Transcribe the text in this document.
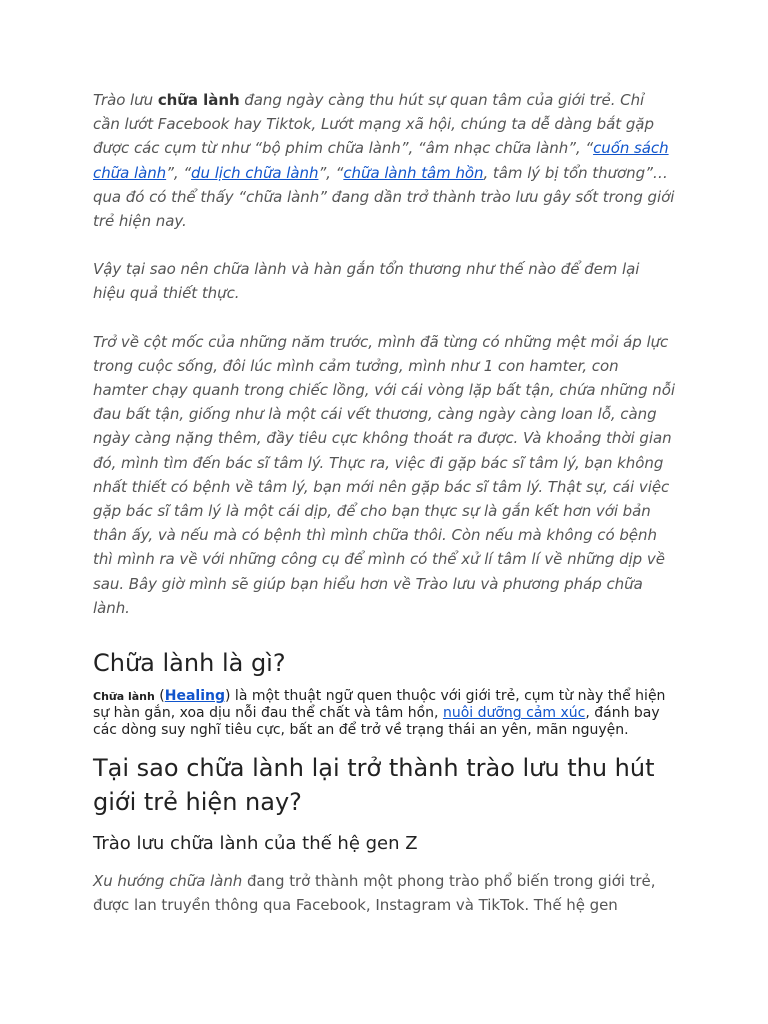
Trào lưu chữa lành đang ngày càng thu hút sự quan tâm của giới trẻ. Chỉ cần lướt Facebook hay Tiktok, Lướt mạng xã hội, chúng ta dễ dàng bắt gặp được các cụm từ như “bộ phim chữa lành”, “âm nhạc chữa lành”, “cuốn sách chữa lành”, “du lịch chữa lành”, “chữa lành tâm hồn, tâm lý bị tổn thương”…qua đó có thể thấy “chữa lành” đang dần trở thành trào lưu gây sốt trong giới trẻ hiện nay.

Vậy tại sao nên chữa lành và hàn gắn tổn thương như thế nào để đem lại hiệu quả thiết thực.

Trở về cột mốc của những năm trước, mình đã từng có những mệt mỏi áp lực trong cuộc sống, đôi lúc mình cảm tưởng, mình như 1 con hamter, con hamter chạy quanh trong chiếc lồng, với cái vòng lặp bất tận, chứa những nỗi đau bất tận, giống như là một cái vết thương, càng ngày càng loan lỗ, càng ngày càng nặng thêm, đầy tiêu cực không thoát ra được. Và khoảng thời gian đó, mình tìm đến bác sĩ tâm lý. Thực ra, việc đi gặp bác sĩ tâm lý, bạn không nhất thiết có bệnh về tâm lý, bạn mới nên gặp bác sĩ tâm lý. Thật sự, cái việc gặp bác sĩ tâm lý là một cái dịp, để cho bạn thực sự là gắn kết hơn với bản thân ấy, và nếu mà có bệnh thì mình chữa thôi. Còn nếu mà không có bệnh thì mình ra về với những công cụ để mình có thể xử lí tâm lí về những dịp về sau. Bây giờ mình sẽ giúp bạn hiểu hơn về Trào lưu và phương pháp chữa lành.

Chữa lành là gì?

Chữa lành (Healing) là một thuật ngữ quen thuộc với giới trẻ, cụm từ này thể hiện sự hàn gắn, xoa dịu nỗi đau thể chất và tâm hồn, nuôi dưỡng cảm xúc, đánh bay các dòng suy nghĩ tiêu cực, bất an để trở về trạng thái an yên, mãn nguyện.

Tại sao chữa lành lại trở thành trào lưu thu hút giới trẻ hiện nay?
Trào lưu chữa lành của thế hệ gen Z

Xu hướng chữa lành đang trở thành một phong trào phổ biến trong giới trẻ, được lan truyền thông qua Facebook, Instagram và TikTok. Thế hệ gen
